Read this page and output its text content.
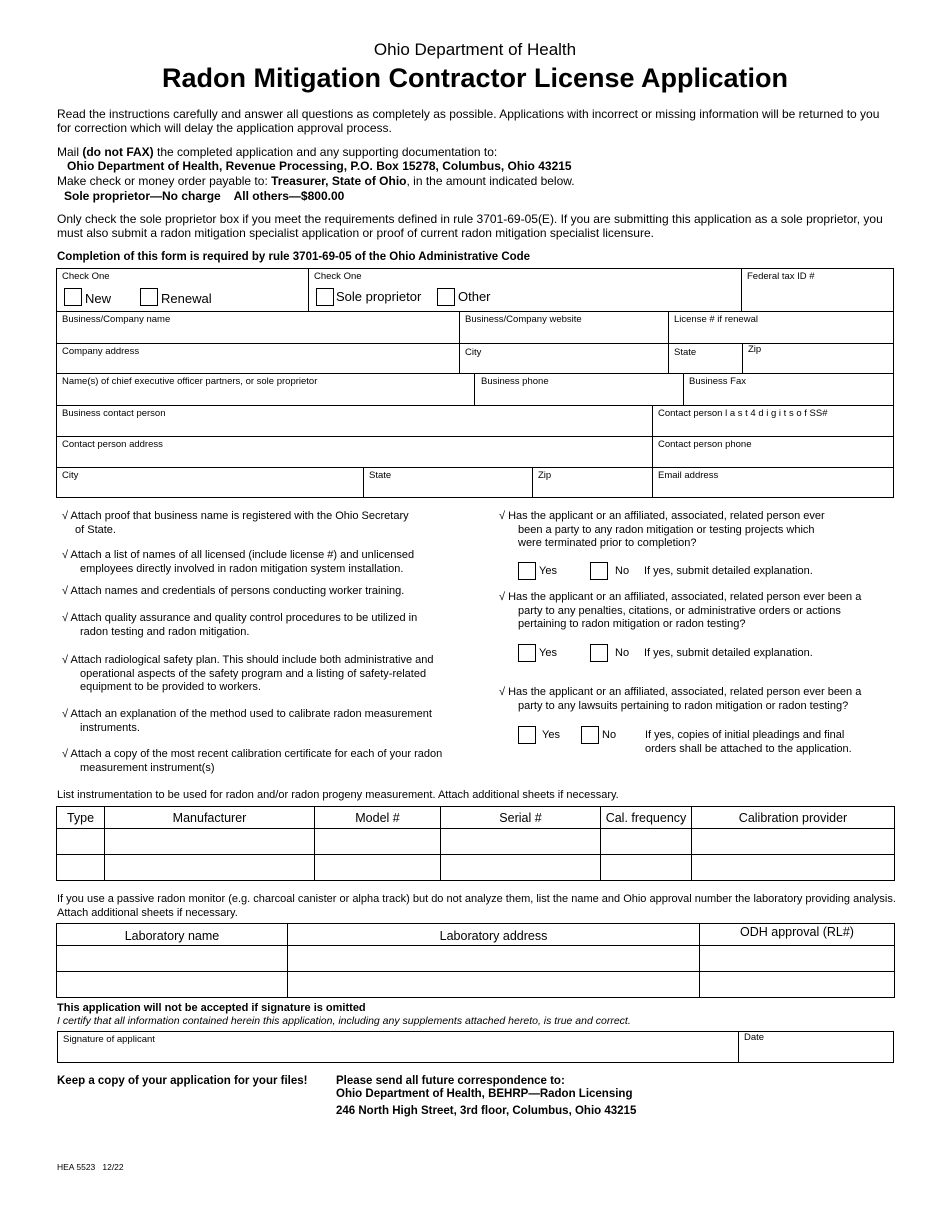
Ohio Department of Health
Radon Mitigation Contractor License Application
Read the instructions carefully and answer all questions as completely as possible. Applications with incorrect or missing information will be returned to you for correction which will delay the application approval process.
Mail (do not FAX) the completed application and any supporting documentation to:
Ohio Department of Health, Revenue Processing, P.O. Box 15278, Columbus, Ohio 43215
Make check or money order payable to: Treasurer, State of Ohio, in the amount indicated below.
Sole proprietor—No charge    All others—$800.00
Only check the sole proprietor box if you meet the requirements defined in rule 3701-69-05(E). If you are submitting this application as a sole proprietor, you must also submit a radon mitigation specialist application or proof of current radon mitigation specialist licensure.
Completion of this form is required by rule 3701-69-05 of the Ohio Administrative Code
Check One
New	Renewal
Check One
Sole proprietor	Other
Federal tax ID #
Business/Company name	Business/Company website	License # if renewal
Company address	City	State	Zip
Name(s) of chief executive officer partners, or sole proprietor	Business phone	Business Fax
Business contact person	Contact person l a s t 4 d i g i t s o f SS#
Contact person address	Contact person phone
City	State	Zip	Email address
√ Attach proof that business name is registered with the Ohio Secretary
of State.
√ Attach a list of names of all licensed (include license #) and unlicensed
employees directly involved in radon mitigation system installation.
√ Attach names and credentials of persons conducting worker training.
√ Attach quality assurance and quality control procedures to be utilized in
radon testing and radon mitigation.
√ Attach radiological safety plan. This should include both administrative and
operational aspects of the safety program and a listing of safety-related
equipment to be provided to workers.
√ Attach an explanation of the method used to calibrate radon measurement
instruments.
√ Attach a copy of the most recent calibration certificate for each of your radon
measurement instrument(s)
√ Has the applicant or an affiliated, associated, related person ever
been a party to any radon mitigation or testing projects which
were terminated prior to completion?
Yes	No If yes, submit detailed explanation.
√ Has the applicant or an affiliated, associated, related person ever been a
party to any penalties, citations, or administrative orders or actions
pertaining to radon mitigation or radon testing?
Yes	No If yes, submit detailed explanation.
√ Has the applicant or an affiliated, associated, related person ever been a
party to any lawsuits pertaining to radon mitigation or radon testing?
Yes	No	If yes, copies of initial pleadings and final
orders shall be attached to the application.
List instrumentation to be used for radon and/or radon progeny measurement. Attach additional sheets if necessary.
Type	Manufacturer	Model #	Serial #	Cal. frequency	Calibration provider

If you use a passive radon monitor (e.g. charcoal canister or alpha track) but do not analyze them, list the name and Ohio approval number the laboratory providing analysis. Attach additional sheets if necessary.
Laboratory name	Laboratory address	ODH approval (RL#)

This application will not be accepted if signature is omitted
I certify that all information contained herein this application, including any supplements attached hereto, is true and correct.
Signature of applicant	Date
Keep a copy of your application for your files! Please send all future correspondence to:
Ohio Department of Health, BEHRP—Radon Licensing
246 North High Street, 3rd floor, Columbus, Ohio 43215
HEA 5523   12/22
